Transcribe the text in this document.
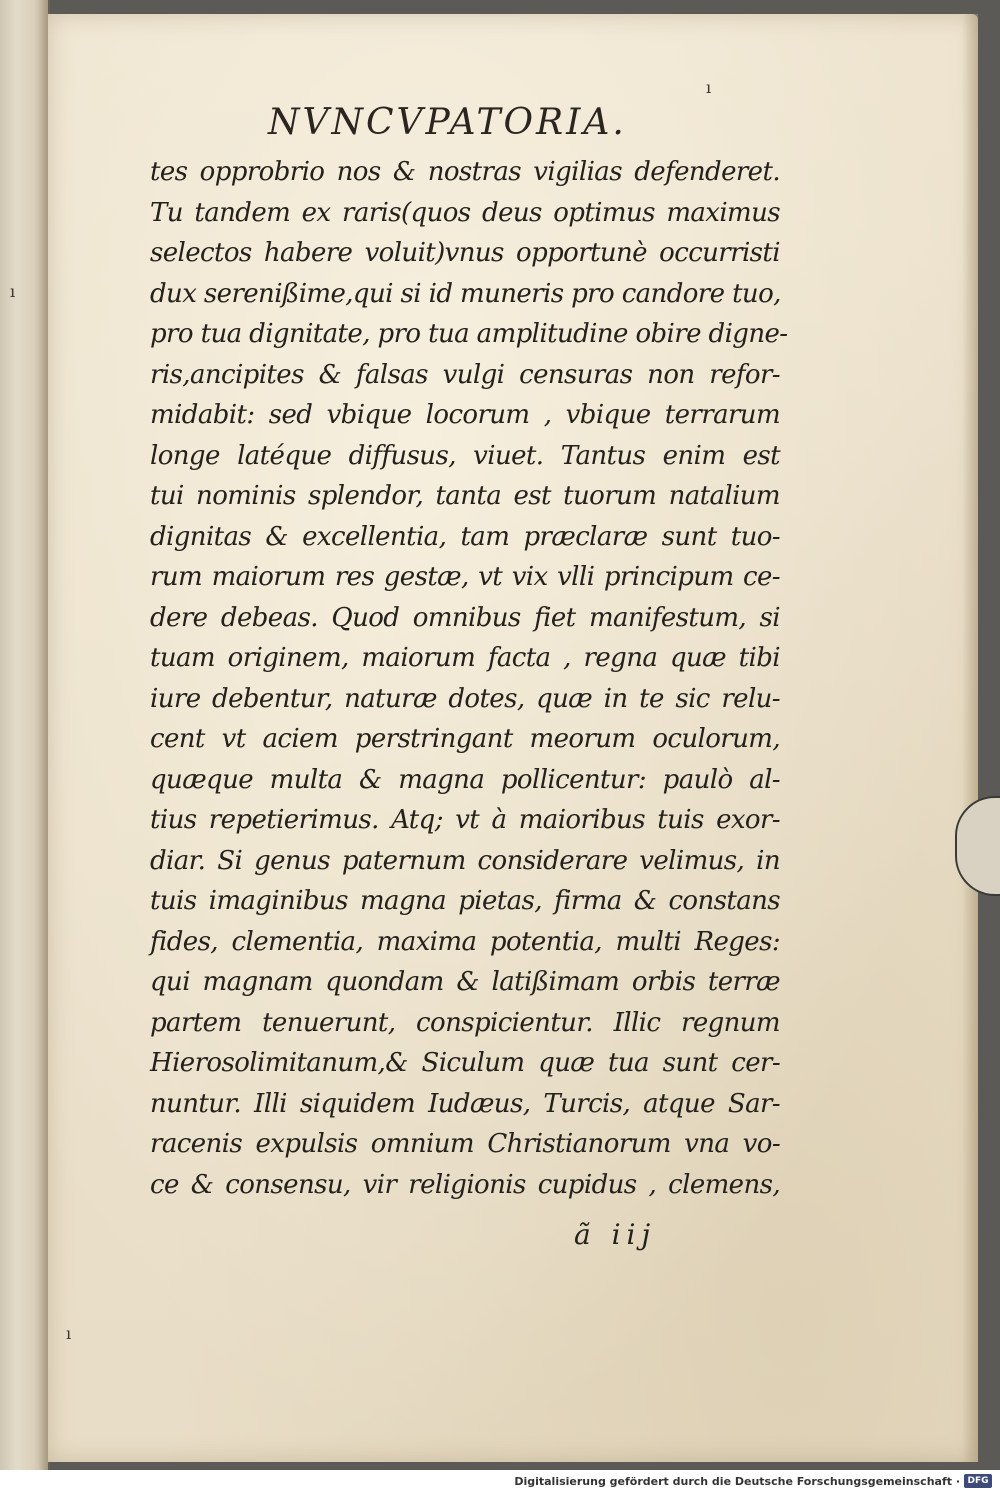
ı
ı
ı
NVNCVPATORIA.
tes opprobrio nos & nostras vigilias defenderet.
Tu tandem ex raris(quos deus optimus maximus
selectos habere voluit)vnus opportunè occurristi
dux serenißime,qui si id muneris pro candore tuo,
pro tua dignitate, pro tua amplitudine obire digne-
ris,ancipites & falsas vulgi censuras non refor-
midabit: sed vbique locorum , vbique terrarum
longe latéque diffusus, viuet. Tantus enim est
tui nominis splendor, tanta est tuorum natalium
dignitas & excellentia, tam præclaræ sunt tuo-
rum maiorum res gestæ, vt vix vlli principum ce-
dere debeas. Quod omnibus fiet manifestum, si
tuam originem, maiorum facta , regna quæ tibi
iure debentur, naturæ dotes, quæ in te sic relu-
cent vt aciem perstringant meorum oculorum,
quæque multa & magna pollicentur: paulò al-
tius repetierimus. Atq; vt à maioribus tuis exor-
diar. Si genus paternum considerare velimus, in
tuis imaginibus magna pietas, firma & constans
fides, clementia, maxima potentia, multi Reges:
qui magnam quondam & latißimam orbis terræ
partem tenuerunt, conspicientur. Illic regnum
Hierosolimitanum,& Siculum quæ tua sunt cer-
nuntur. Illi siquidem Iudæus, Turcis, atque Sar-
racenis expulsis omnium Christianorum vna vo-
ce & consensu, vir religionis cupidus , clemens,
ã iij
Digitalisierung gefördert durch die Deutsche Forschungsgemeinschaft · DFG
